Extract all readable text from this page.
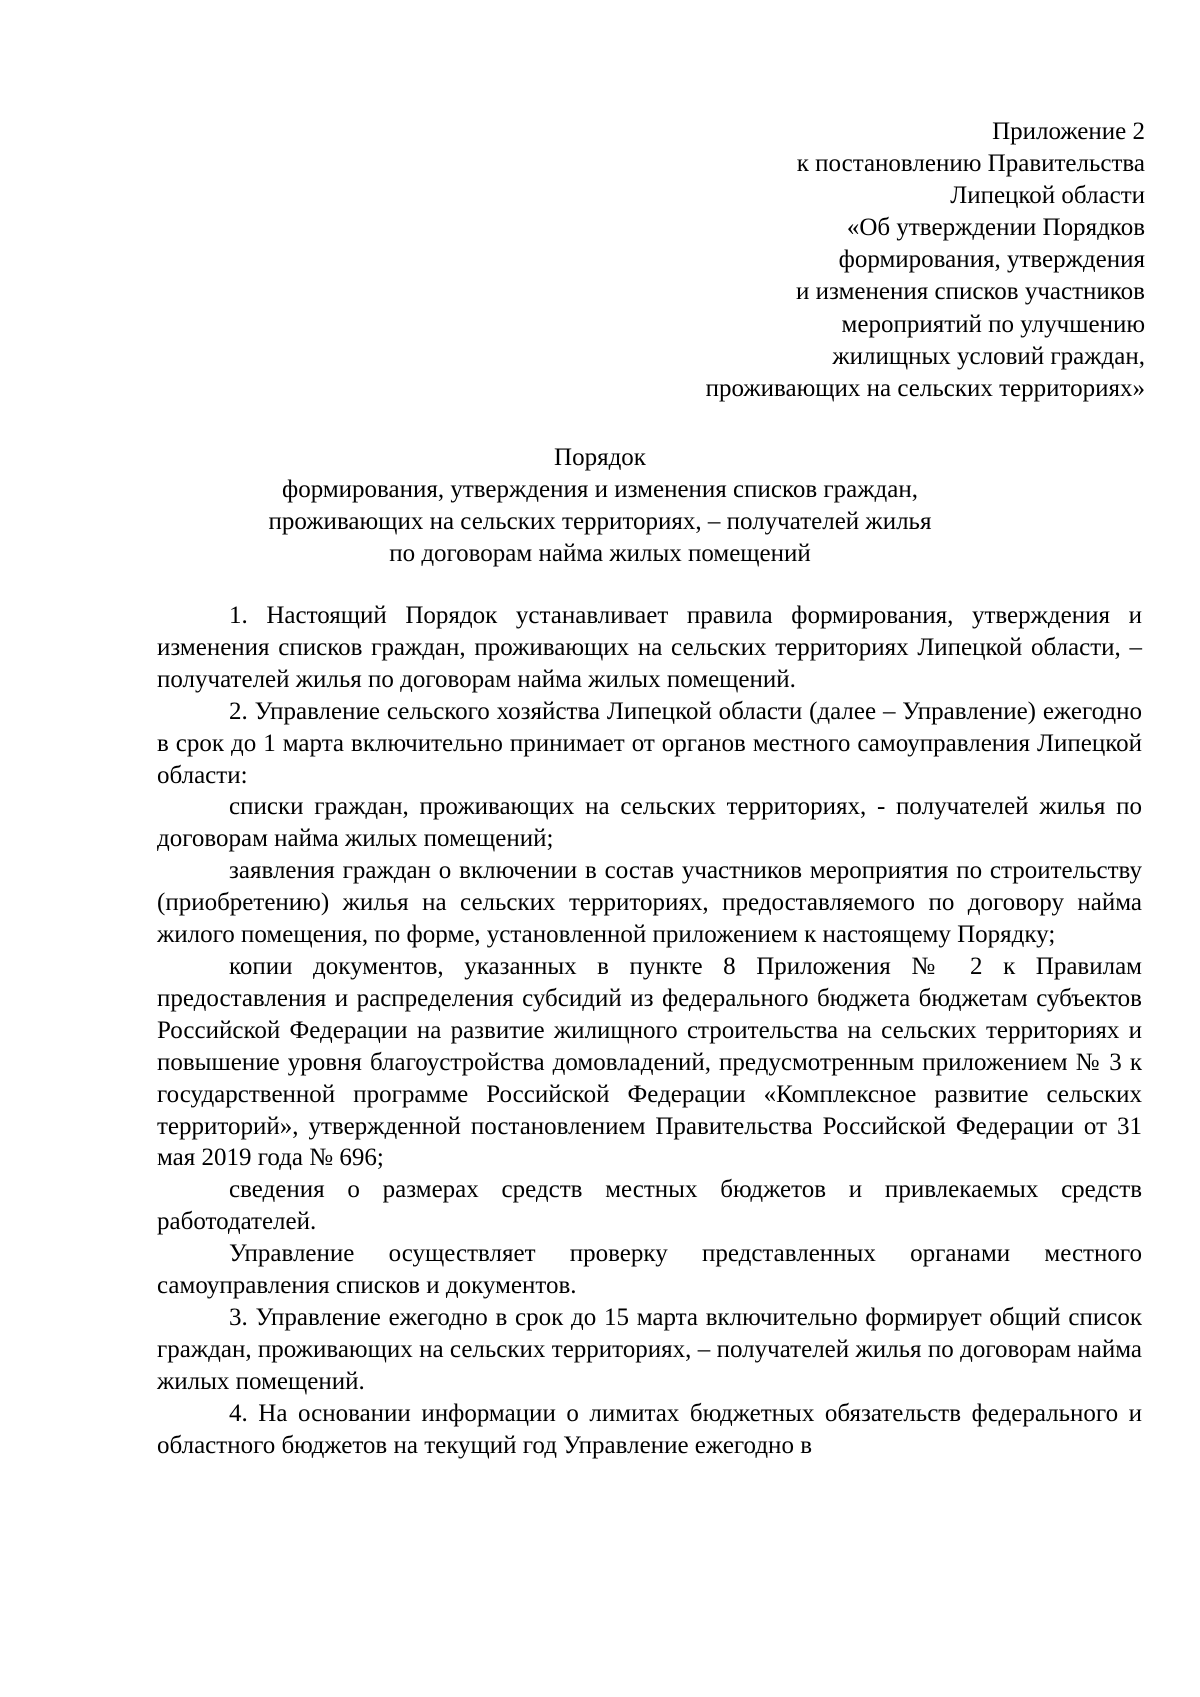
Приложение 2
к постановлению Правительства
Липецкой области
«Об утверждении Порядков
формирования, утверждения
и изменения списков участников
мероприятий по улучшению
жилищных условий граждан,
проживающих на сельских территориях»
Порядок
формирования, утверждения и изменения списков граждан,
проживающих на сельских территориях, – получателей жилья
по договорам найма жилых помещений

1. Настоящий Порядок устанавливает правила формирования, утверждения и изменения списков граждан, проживающих на сельских территориях Липецкой области, – получателей жилья по договорам найма жилых помещений.

2. Управление сельского хозяйства Липецкой области (далее – Управление) ежегодно в срок до 1 марта включительно принимает от органов местного самоуправления Липецкой области:

списки граждан, проживающих на сельских территориях, - получателей жилья по договорам найма жилых помещений;

заявления граждан о включении в состав участников мероприятия по строительству (приобретению) жилья на сельских территориях, предоставляемого по договору найма жилого помещения, по форме, установленной приложением к настоящему Порядку;

копии документов, указанных в пункте 8 Приложения № 2 к Правилам предоставления и распределения субсидий из федерального бюджета бюджетам субъектов Российской Федерации на развитие жилищного строительства на сельских территориях и повышение уровня благоустройства домовладений, предусмотренным приложением № 3 к государственной программе Российской Федерации «Комплексное развитие сельских территорий», утвержденной постановлением Правительства Российской Федерации от 31 мая 2019 года № 696;

сведения о размерах средств местных бюджетов и привлекаемых средств работодателей.

Управление осуществляет проверку представленных органами местного самоуправления списков и документов.

3. Управление ежегодно в срок до 15 марта включительно формирует общий список граждан, проживающих на сельских территориях, – получателей жилья по договорам найма жилых помещений.

4. На основании информации о лимитах бюджетных обязательств федерального и областного бюджетов на текущий год Управление ежегодно в
